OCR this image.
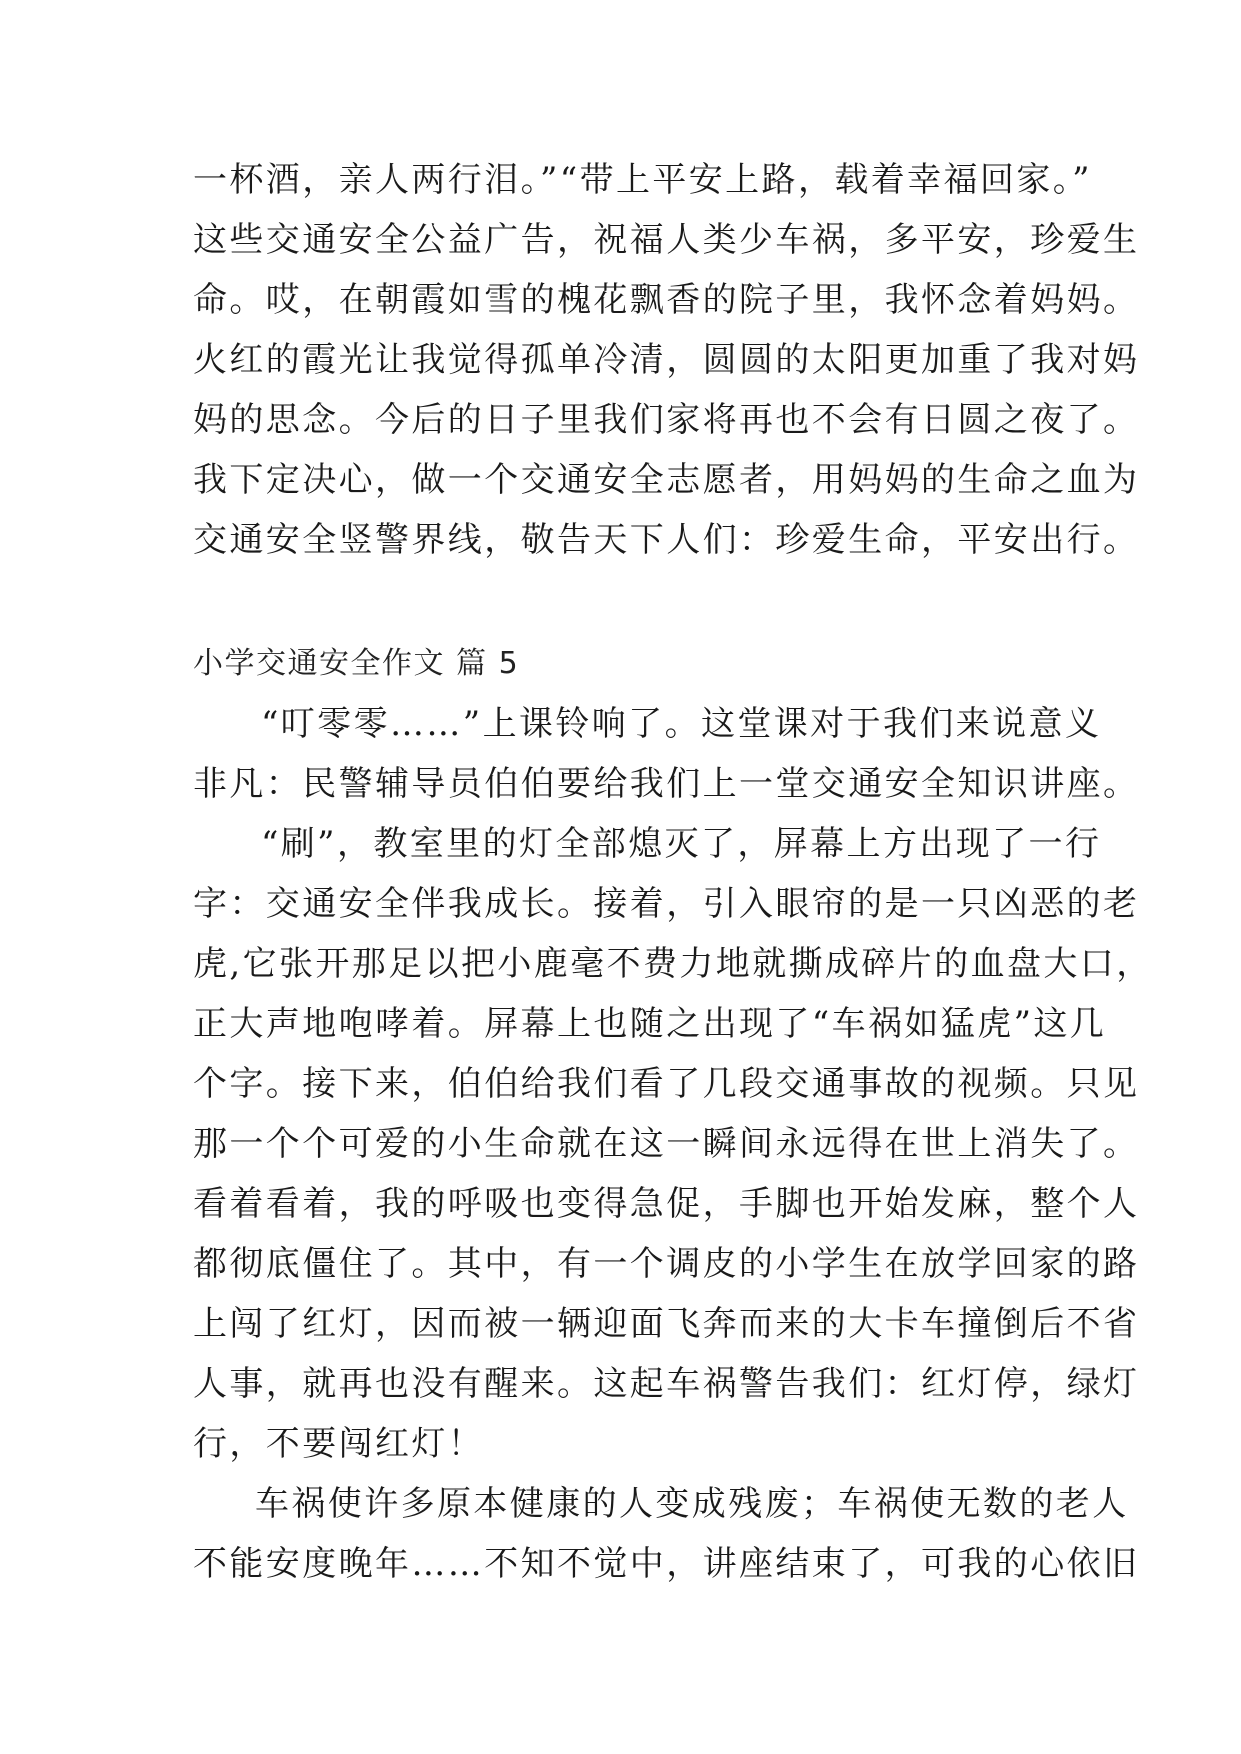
一杯酒，亲人两行泪。”“带上平安上路，载着幸福回家。”
这些交通安全公益广告，祝福人类少车祸，多平安，珍爱生
命。哎，在朝霞如雪的槐花飘香的院子里，我怀念着妈妈。
火红的霞光让我觉得孤单冷清，圆圆的太阳更加重了我对妈
妈的思念。今后的日子里我们家将再也不会有日圆之夜了。
我下定决心，做一个交通安全志愿者，用妈妈的生命之血为
交通安全竖警界线，敬告天下人们：珍爱生命，平安出行。
小学交通安全作文 篇 5
“叮零零……”上课铃响了。这堂课对于我们来说意义
非凡：民警辅导员伯伯要给我们上一堂交通安全知识讲座。
“刷”，教室里的灯全部熄灭了，屏幕上方出现了一行
字：交通安全伴我成长。接着，引入眼帘的是一只凶恶的老
虎,它张开那足以把小鹿毫不费力地就撕成碎片的血盘大口，
正大声地咆哮着。屏幕上也随之出现了“车祸如猛虎”这几
个字。接下来，伯伯给我们看了几段交通事故的视频。只见
那一个个可爱的小生命就在这一瞬间永远得在世上消失了。
看着看着，我的呼吸也变得急促，手脚也开始发麻，整个人
都彻底僵住了。其中，有一个调皮的小学生在放学回家的路
上闯了红灯，因而被一辆迎面飞奔而来的大卡车撞倒后不省
人事，就再也没有醒来。这起车祸警告我们：红灯停，绿灯
行，不要闯红灯！
车祸使许多原本健康的人变成残废；车祸使无数的老人
不能安度晚年……不知不觉中，讲座结束了，可我的心依旧
